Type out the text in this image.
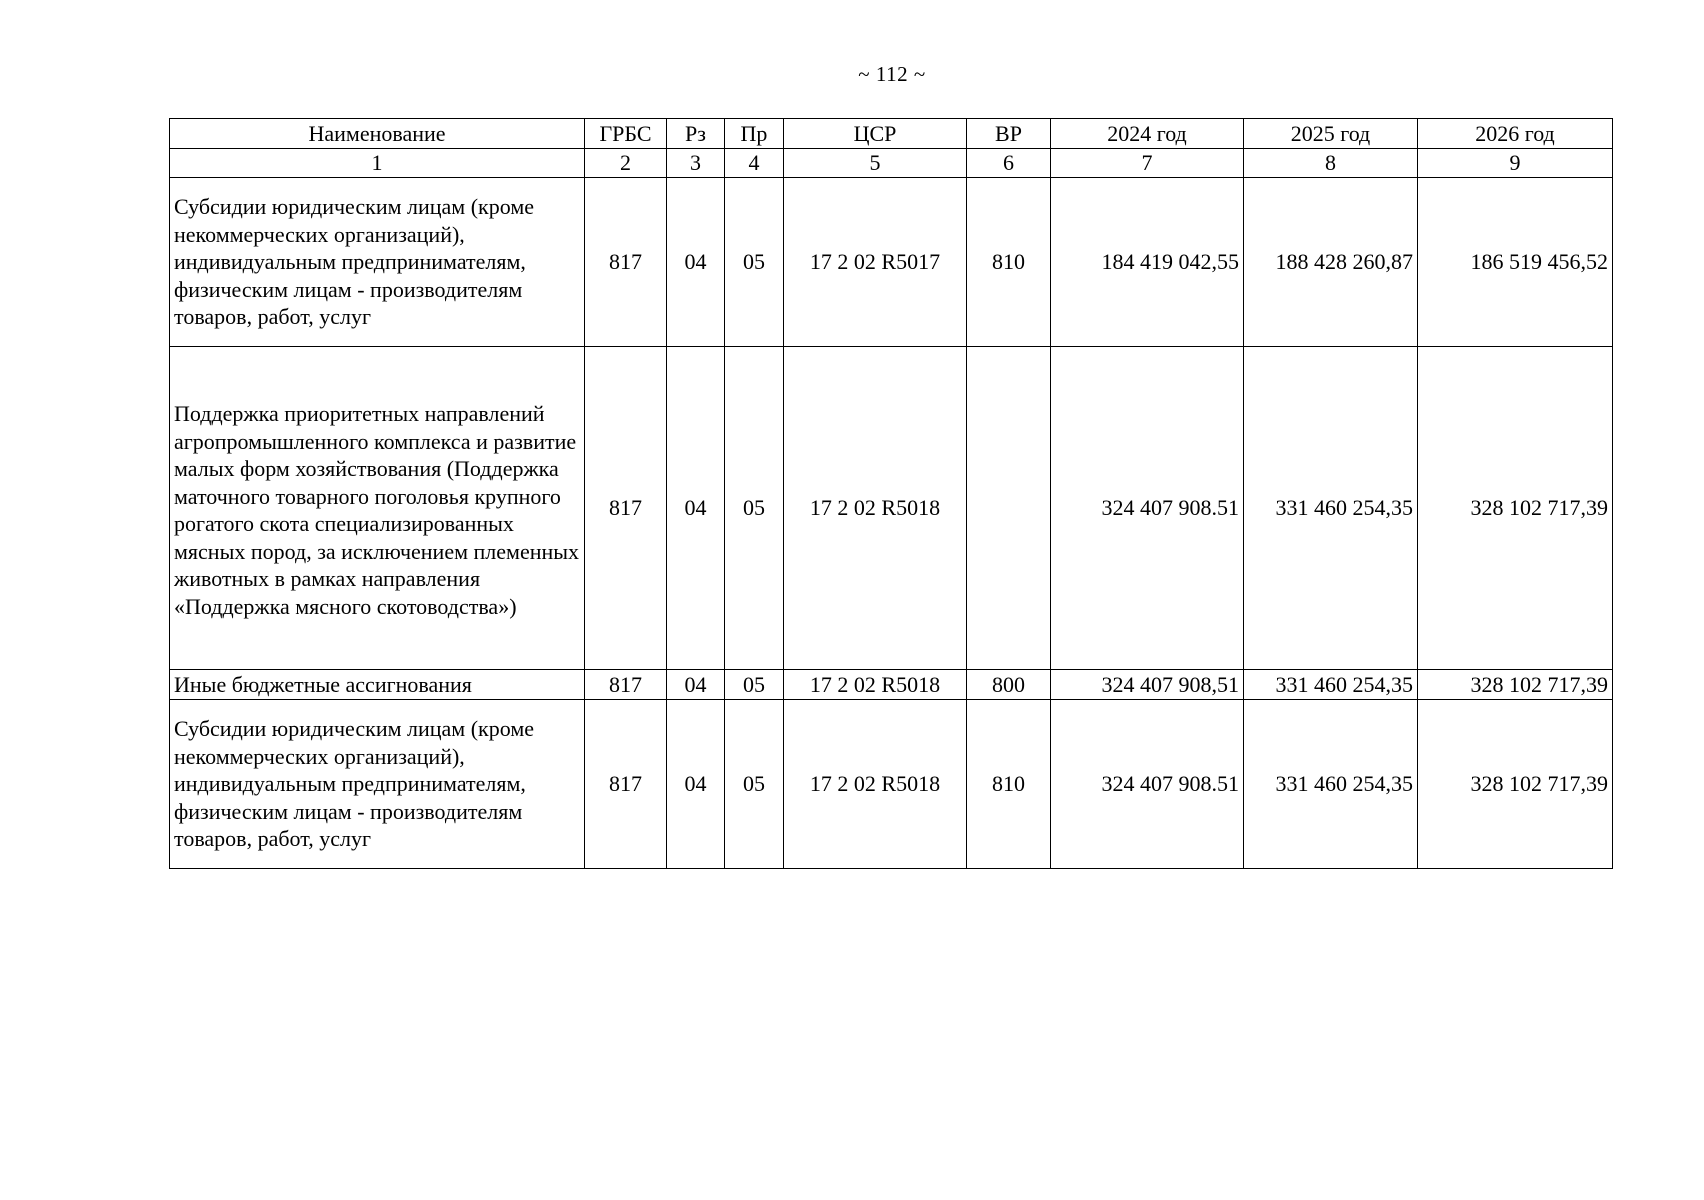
~ 112 ~
Наименование	ГРБС	Рз	Пр	ЦСР	ВР	2024 год	2025 год	2026 год
1	2	3	4	5	6	7	8	9
Субсидии юридическим лицам (кроме некоммерческих организаций), индивидуальным предпринимателям, физическим лицам - производителям товаров, работ, услуг	817	04	05	17 2 02 R5017	810	184 419 042,55	188 428 260,87	186 519 456,52
Поддержка приоритетных направлений агропромышленного комплекса и развитие малых форм хозяйствования (Поддержка маточного товарного поголовья крупного рогатого скота специализированных мясных пород, за исключением племенных животных в рамках направления «Поддержка мясного скотоводства»)	817	04	05	17 2 02 R5018		324 407 908.51	331 460 254,35	328 102 717,39
Иные бюджетные ассигнования	817	04	05	17 2 02 R5018	800	324 407 908,51	331 460 254,35	328 102 717,39
Субсидии юридическим лицам (кроме некоммерческих организаций), индивидуальным предпринимателям, физическим лицам - производителям товаров, работ, услуг	817	04	05	17 2 02 R5018	810	324 407 908.51	331 460 254,35	328 102 717,39
